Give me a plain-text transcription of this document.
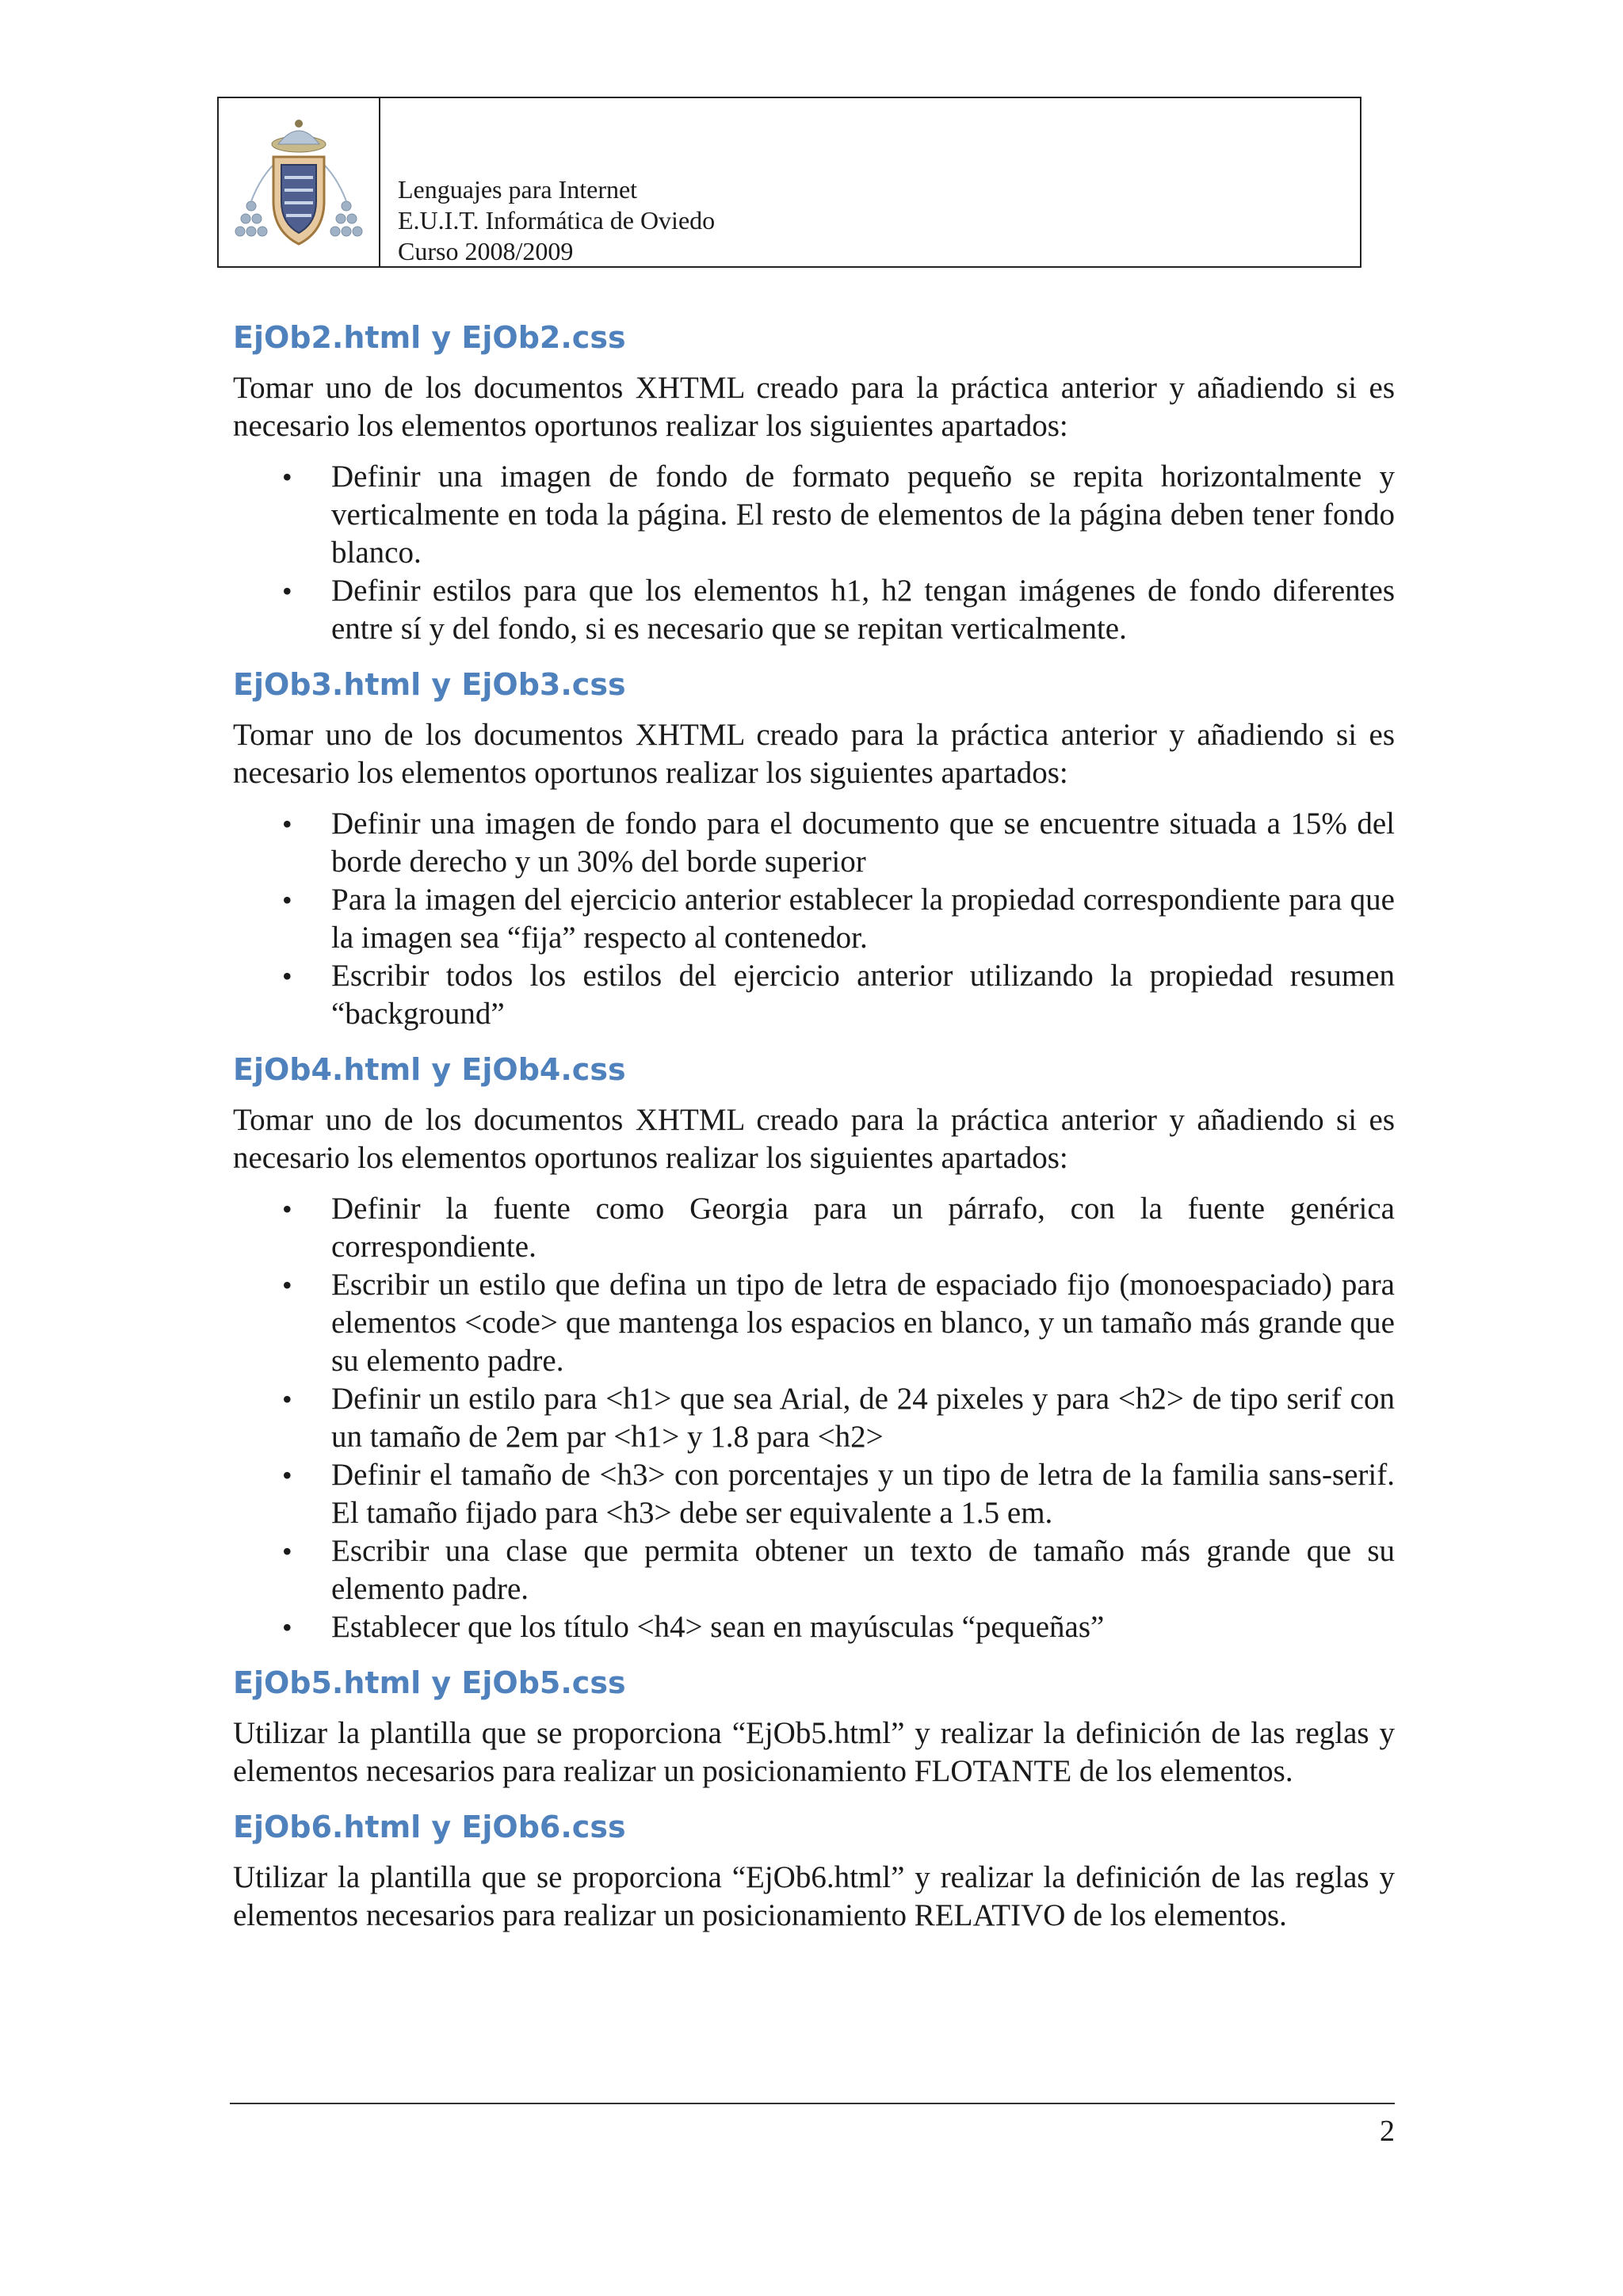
Lenguajes para Internet
E.U.I.T. Informática de Oviedo
Curso 2008/2009
EjOb2.html y EjOb2.css
Tomar uno de los documentos XHTML creado para la práctica anterior y añadiendo si es necesario los elementos oportunos realizar los siguientes apartados:
• Definir una imagen de fondo de formato pequeño se repita horizontalmente y verticalmente en toda la página. El resto de elementos de la página deben tener fondo blanco.
• Definir estilos para que los elementos h1, h2 tengan imágenes de fondo diferentes entre sí y del fondo, si es necesario que se repitan verticalmente.
EjOb3.html y EjOb3.css
Tomar uno de los documentos XHTML creado para la práctica anterior y añadiendo si es necesario los elementos oportunos realizar los siguientes apartados:
• Definir una imagen de fondo para el documento que se encuentre situada a 15% del borde derecho y un 30% del borde superior
• Para la imagen del ejercicio anterior establecer la propiedad correspondiente para que la imagen sea “fija” respecto al contenedor.
• Escribir todos los estilos del ejercicio anterior utilizando la propiedad resumen “background”
EjOb4.html y EjOb4.css
Tomar uno de los documentos XHTML creado para la práctica anterior y añadiendo si es necesario los elementos oportunos realizar los siguientes apartados:
• Definir la fuente como Georgia para un párrafo, con la fuente genérica correspondiente.
• Escribir un estilo que defina un tipo de letra de espaciado fijo (monoespaciado) para elementos <code> que mantenga los espacios en blanco, y un tamaño más grande que su elemento padre.
• Definir un estilo para <h1> que sea Arial, de 24 pixeles y para <h2> de tipo serif con un tamaño de 2em par <h1> y 1.8 para <h2>
• Definir el tamaño de <h3> con porcentajes y un tipo de letra de la familia sans-serif. El tamaño fijado para <h3> debe ser equivalente a 1.5 em.
• Escribir una clase que permita obtener un texto de tamaño más grande que su elemento padre.
• Establecer que los título <h4> sean en mayúsculas “pequeñas”
EjOb5.html y EjOb5.css
Utilizar la plantilla que se proporciona “EjOb5.html” y realizar la definición de las reglas y elementos necesarios para realizar un posicionamiento FLOTANTE de los elementos.
EjOb6.html y EjOb6.css
Utilizar la plantilla que se proporciona “EjOb6.html” y realizar la definición de las reglas y elementos necesarios para realizar un posicionamiento RELATIVO de los elementos.
2
